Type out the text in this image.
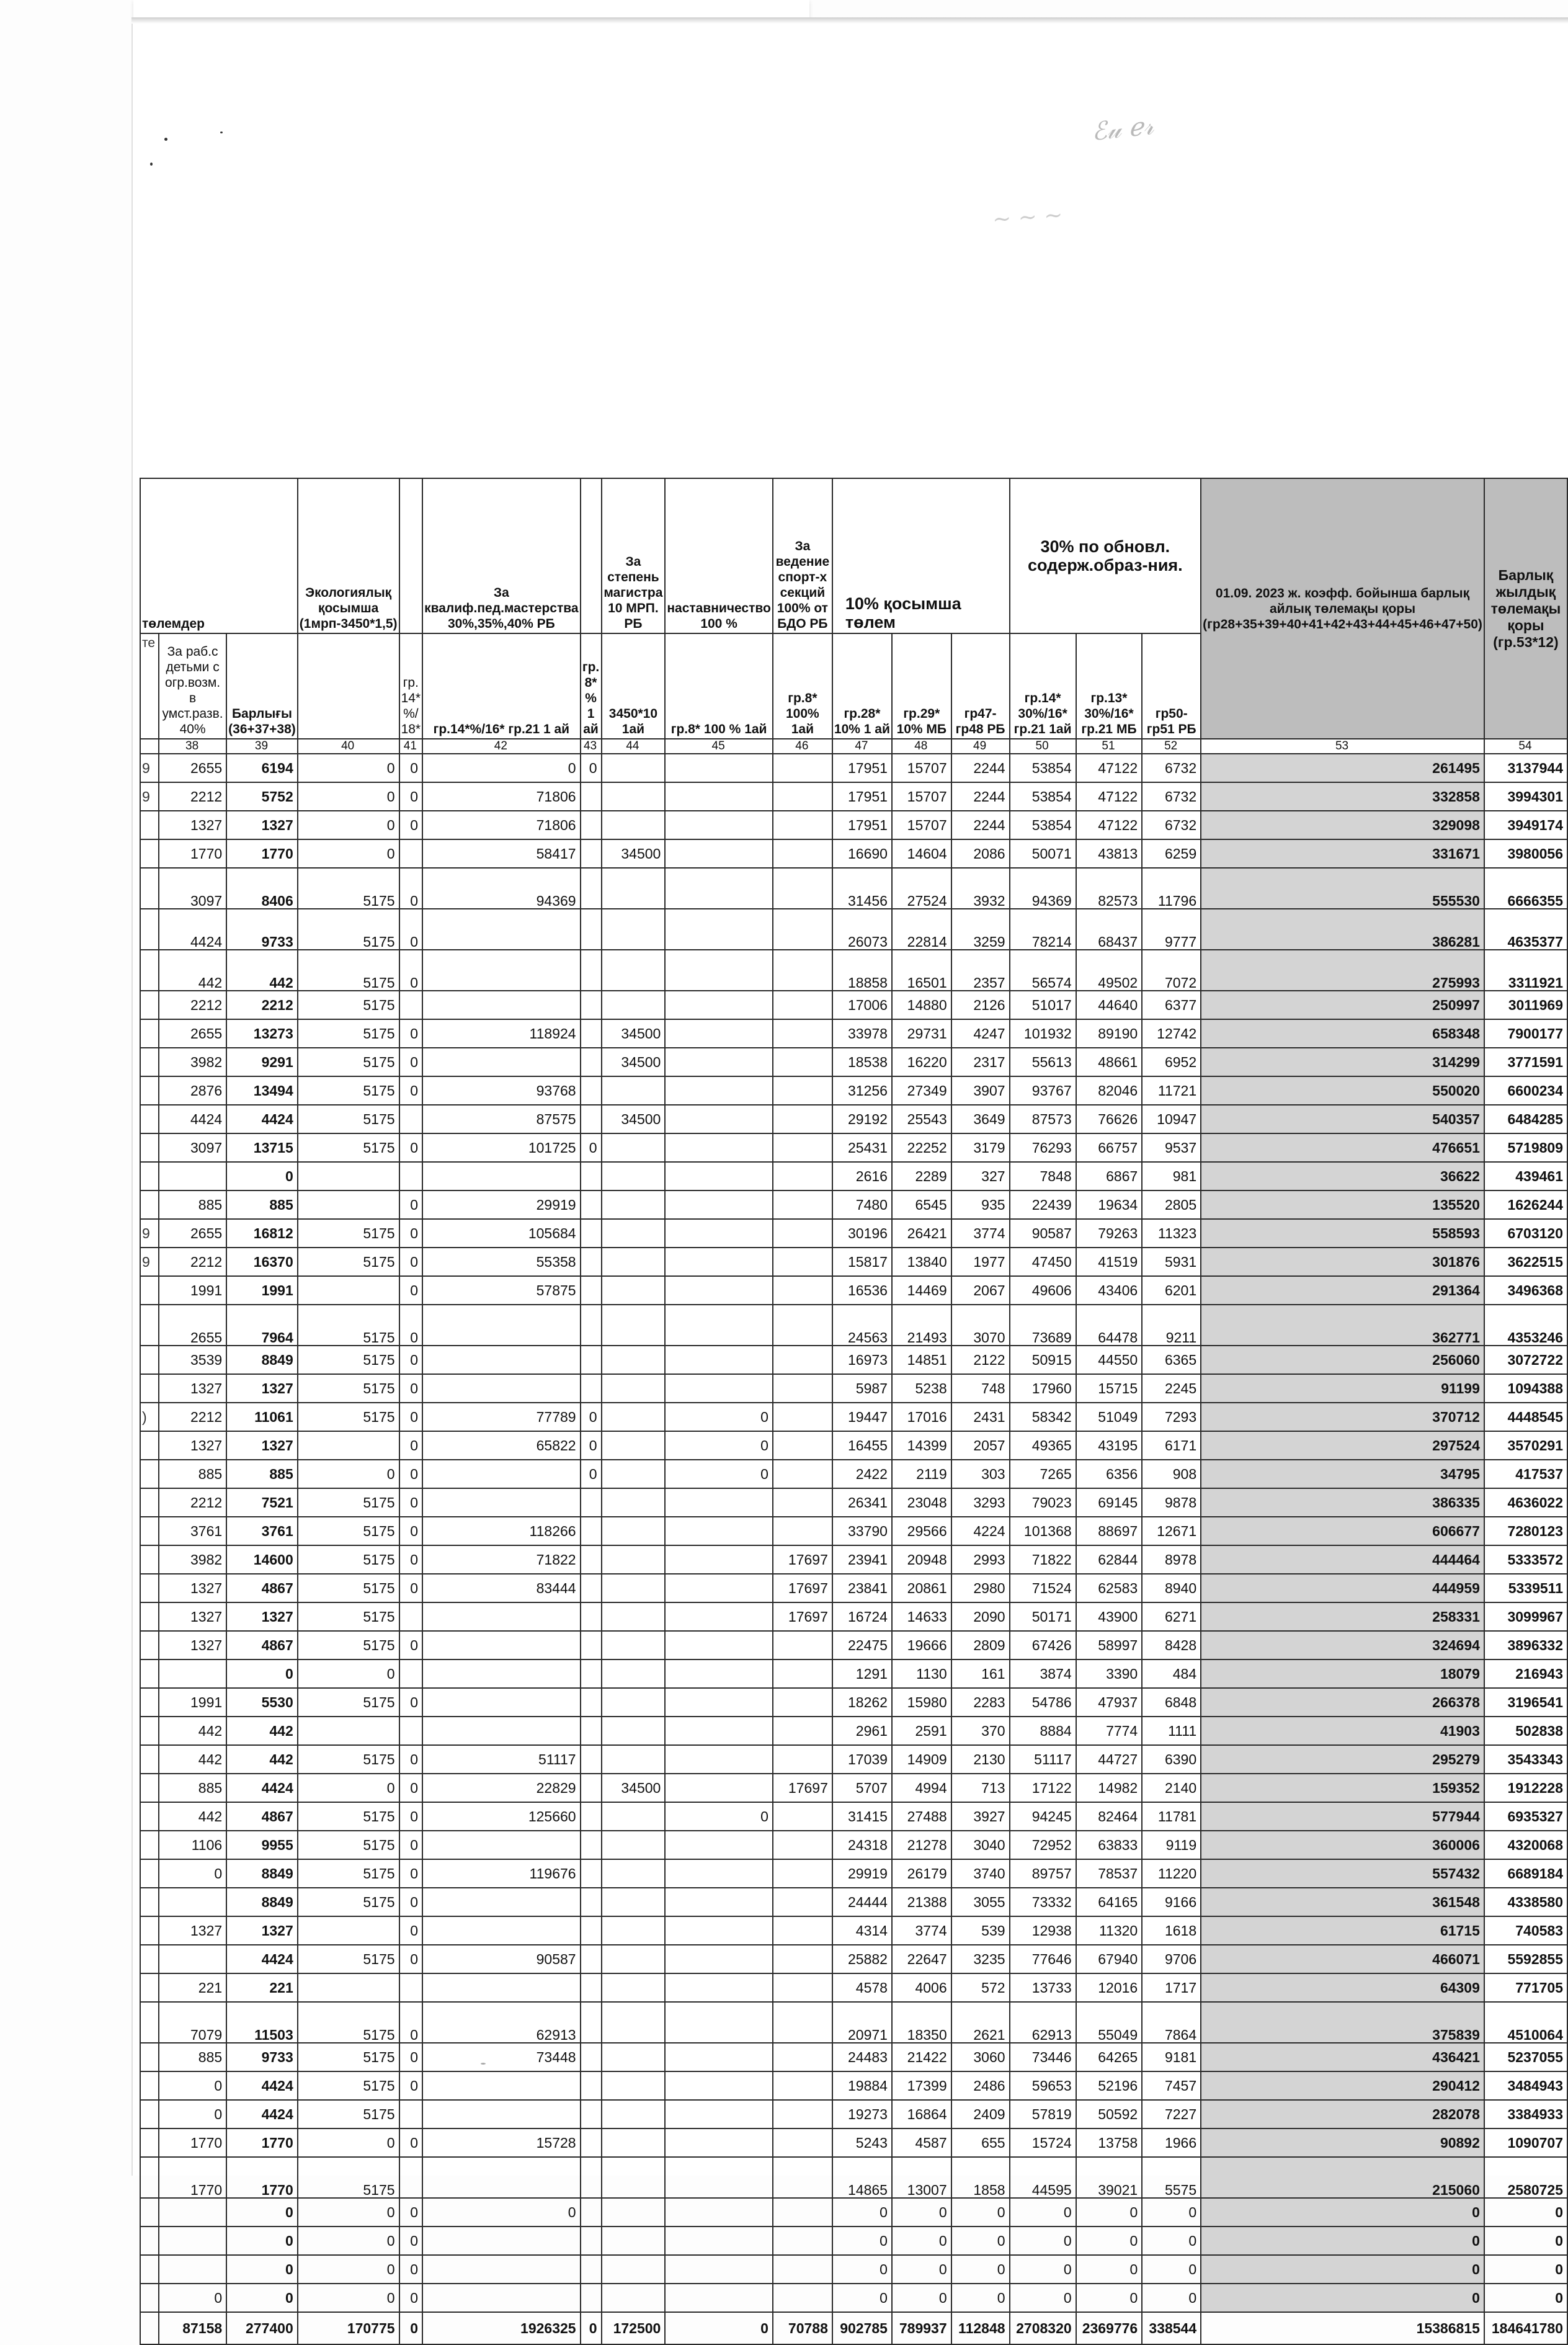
ℰ𝓊 ℯ𝓇
~ ~ ~
төлемдер			Экологиялық қосымша (1мрп-3450*1,5)		За квалиф.пед.мастерства 30%,35%,40% РБ		За степень магистра 10 МРП. РБ	наставничество 100 %	За ведение спорт-х секций 100% от БДО РБ	10% қосымша төлем			30% по обновл. содерж.образ-ния.			01.09. 2023 ж. коэфф. бойынша барлық айлық төлемақы қоры (гр28+35+39+40+41+42+43+44+45+46+47+50)	Барлық жылдық төлемақы қоры (гр.53*12)
те	За раб.с детьми с огр.возм. в умст.разв. 40%	Барлығы (36+37+38)		гр. 14* %/ 18*	гр.14*%/16* гр.21 1 ай	гр. 8* % 1 ай	3450*10 1ай	гр.8* 100 % 1ай	гр.8* 100% 1ай	гр.28* 10% 1 ай	гр.29* 10% МБ	гр47-гр48 РБ	гр.14* 30%/16* гр.21 1ай	гр.13* 30%/16* гр.21 МБ	гр50-гр51 РБ		
	38	39	40	41	42	43	44	45	46	47	48	49	50	51	52	53	54
9	2655	6194	0	0	0	0				17951	15707	2244	53854	47122	6732	261495	3137944
9	2212	5752	0	0	71806					17951	15707	2244	53854	47122	6732	332858	3994301
	1327	1327	0	0	71806					17951	15707	2244	53854	47122	6732	329098	3949174
	1770	1770	0		58417		34500			16690	14604	2086	50071	43813	6259	331671	3980056
	3097	8406	5175	0	94369					31456	27524	3932	94369	82573	11796	555530	6666355
	4424	9733	5175	0						26073	22814	3259	78214	68437	9777	386281	4635377
	442	442	5175	0						18858	16501	2357	56574	49502	7072	275993	3311921
	2212	2212	5175							17006	14880	2126	51017	44640	6377	250997	3011969
	2655	13273	5175	0	118924		34500			33978	29731	4247	101932	89190	12742	658348	7900177
	3982	9291	5175	0			34500			18538	16220	2317	55613	48661	6952	314299	3771591
	2876	13494	5175	0	93768					31256	27349	3907	93767	82046	11721	550020	6600234
	4424	4424	5175		87575		34500			29192	25543	3649	87573	76626	10947	540357	6484285
	3097	13715	5175	0	101725	0				25431	22252	3179	76293	66757	9537	476651	5719809
		0								2616	2289	327	7848	6867	981	36622	439461
	885	885		0	29919					7480	6545	935	22439	19634	2805	135520	1626244
9	2655	16812	5175	0	105684					30196	26421	3774	90587	79263	11323	558593	6703120
9	2212	16370	5175	0	55358					15817	13840	1977	47450	41519	5931	301876	3622515
	1991	1991		0	57875					16536	14469	2067	49606	43406	6201	291364	3496368
	2655	7964	5175	0						24563	21493	3070	73689	64478	9211	362771	4353246
	3539	8849	5175	0						16973	14851	2122	50915	44550	6365	256060	3072722
	1327	1327	5175	0						5987	5238	748	17960	15715	2245	91199	1094388
)	2212	11061	5175	0	77789	0		0		19447	17016	2431	58342	51049	7293	370712	4448545
	1327	1327		0	65822	0		0		16455	14399	2057	49365	43195	6171	297524	3570291
	885	885	0	0		0		0		2422	2119	303	7265	6356	908	34795	417537
	2212	7521	5175	0						26341	23048	3293	79023	69145	9878	386335	4636022
	3761	3761	5175	0	118266					33790	29566	4224	101368	88697	12671	606677	7280123
	3982	14600	5175	0	71822				17697	23941	20948	2993	71822	62844	8978	444464	5333572
	1327	4867	5175	0	83444				17697	23841	20861	2980	71524	62583	8940	444959	5339511
	1327	1327	5175						17697	16724	14633	2090	50171	43900	6271	258331	3099967
	1327	4867	5175	0						22475	19666	2809	67426	58997	8428	324694	3896332
		0	0							1291	1130	161	3874	3390	484	18079	216943
	1991	5530	5175	0						18262	15980	2283	54786	47937	6848	266378	3196541
	442	442								2961	2591	370	8884	7774	1111	41903	502838
	442	442	5175	0	51117					17039	14909	2130	51117	44727	6390	295279	3543343
	885	4424	0	0	22829		34500		17697	5707	4994	713	17122	14982	2140	159352	1912228
	442	4867	5175	0	125660			0		31415	27488	3927	94245	82464	11781	577944	6935327
	1106	9955	5175	0						24318	21278	3040	72952	63833	9119	360006	4320068
	0	8849	5175	0	119676					29919	26179	3740	89757	78537	11220	557432	6689184
		8849	5175	0						24444	21388	3055	73332	64165	9166	361548	4338580
	1327	1327		0						4314	3774	539	12938	11320	1618	61715	740583
		4424	5175	0	90587					25882	22647	3235	77646	67940	9706	466071	5592855
	221	221								4578	4006	572	13733	12016	1717	64309	771705
	7079	11503	5175	0	62913					20971	18350	2621	62913	55049	7864	375839	4510064
	885	9733	5175	0	73448					24483	21422	3060	73446	64265	9181	436421	5237055
	0	4424	5175	0						19884	17399	2486	59653	52196	7457	290412	3484943
	0	4424	5175							19273	16864	2409	57819	50592	7227	282078	3384933
	1770	1770	0	0	15728					5243	4587	655	15724	13758	1966	90892	1090707
	1770	1770	5175							14865	13007	1858	44595	39021	5575	215060	2580725
		0	0	0	0					0	0	0	0	0	0	0	0
		0	0	0						0	0	0	0	0	0	0	0
		0	0	0						0	0	0	0	0	0	0	0
	0	0	0	0						0	0	0	0	0	0	0	0
	87158	277400	170775	0	1926325	0	172500	0	70788	902785	789937	112848	2708320	2369776	338544	15386815	184641780
